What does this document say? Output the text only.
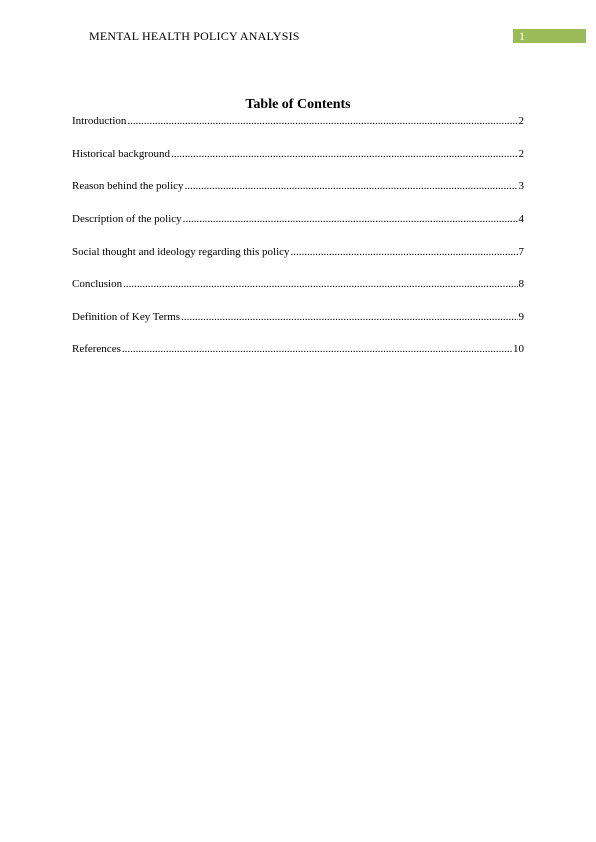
MENTAL HEALTH POLICY ANALYSIS	1
Table of Contents
Introduction .....	2
Historical background .....	2
Reason behind the policy .....	3
Description of the policy .....	4
Social thought and ideology regarding this policy .....	7
Conclusion .....	8
Definition of Key Terms .....	9
References .....	10
